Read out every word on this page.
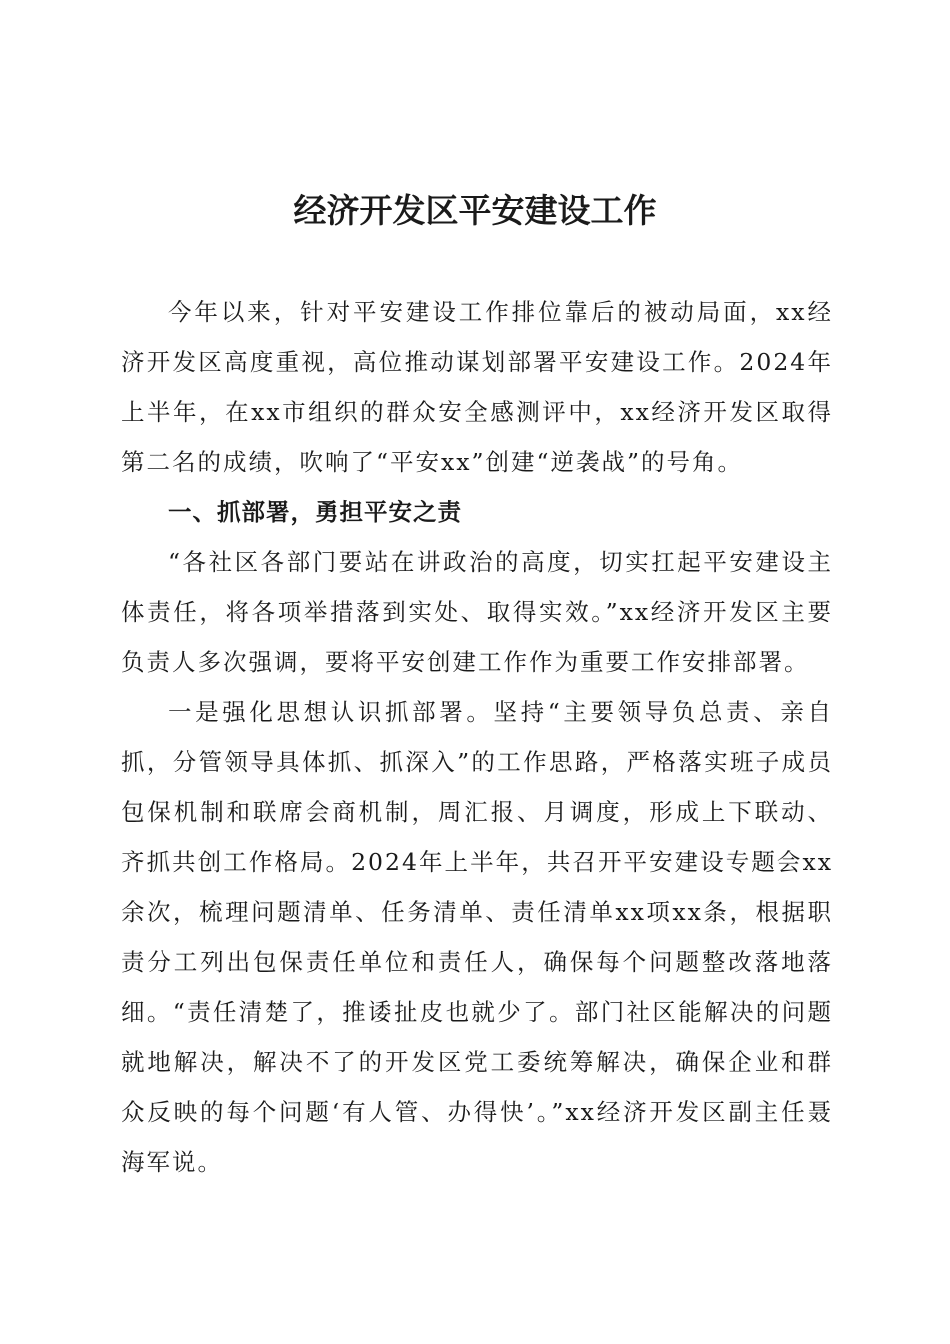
经济开发区平安建设工作

今年以来，针对平安建设工作排位靠后的被动局面，xx经济开发区高度重视，高位推动谋划部署平安建设工作。2024年上半年，在xx市组织的群众安全感测评中，xx经济开发区取得第二名的成绩，吹响了“平安xx”创建“逆袭战”的号角。

一、抓部署，勇担平安之责

“各社区各部门要站在讲政治的高度，切实扛起平安建设主体责任，将各项举措落到实处、取得实效。”xx经济开发区主要负责人多次强调，要将平安创建工作作为重要工作安排部署。

一是强化思想认识抓部署。坚持“主要领导负总责、亲自抓，分管领导具体抓、抓深入”的工作思路，严格落实班子成员包保机制和联席会商机制，周汇报、月调度，形成上下联动、齐抓共创工作格局。2024年上半年，共召开平安建设专题会xx余次，梳理问题清单、任务清单、责任清单xx项xx条，根据职责分工列出包保责任单位和责任人，确保每个问题整改落地落细。“责任清楚了，推诿扯皮也就少了。部门社区能解决的问题就地解决，解决不了的开发区党工委统筹解决，确保企业和群众反映的每个问题‘有人管、办得快’。”xx经济开发区副主任聂海军说。
